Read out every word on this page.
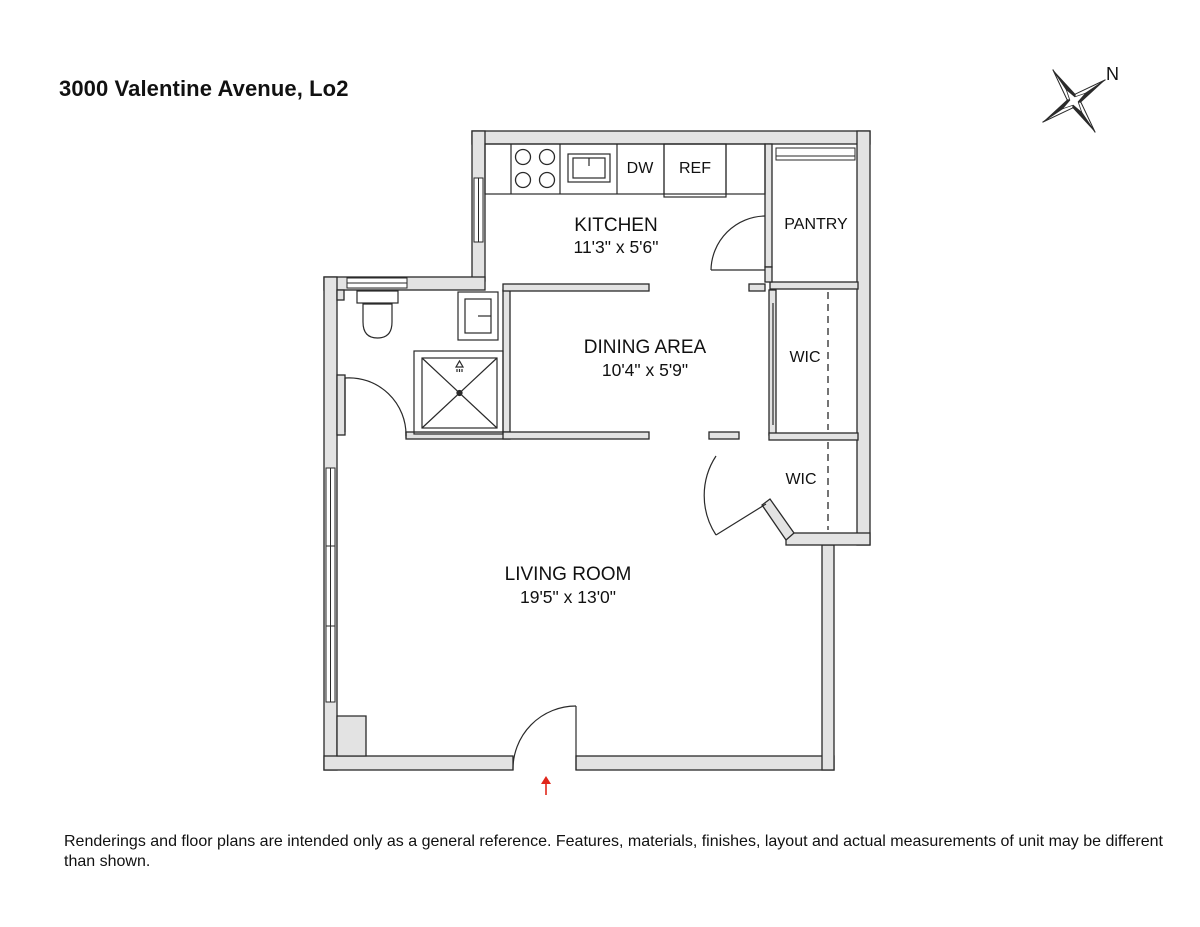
3000 Valentine Avenue, Lo2
N
DW REF
KITCHEN
11'3" x 5'6"
PANTRY
DINING AREA
10'4" x 5'9"
WIC
WIC
LIVING ROOM
19'5" x 13'0"
Renderings and floor plans are intended only as a general reference. Features, materials, finishes, layout and actual measurements of unit may be different than shown.
